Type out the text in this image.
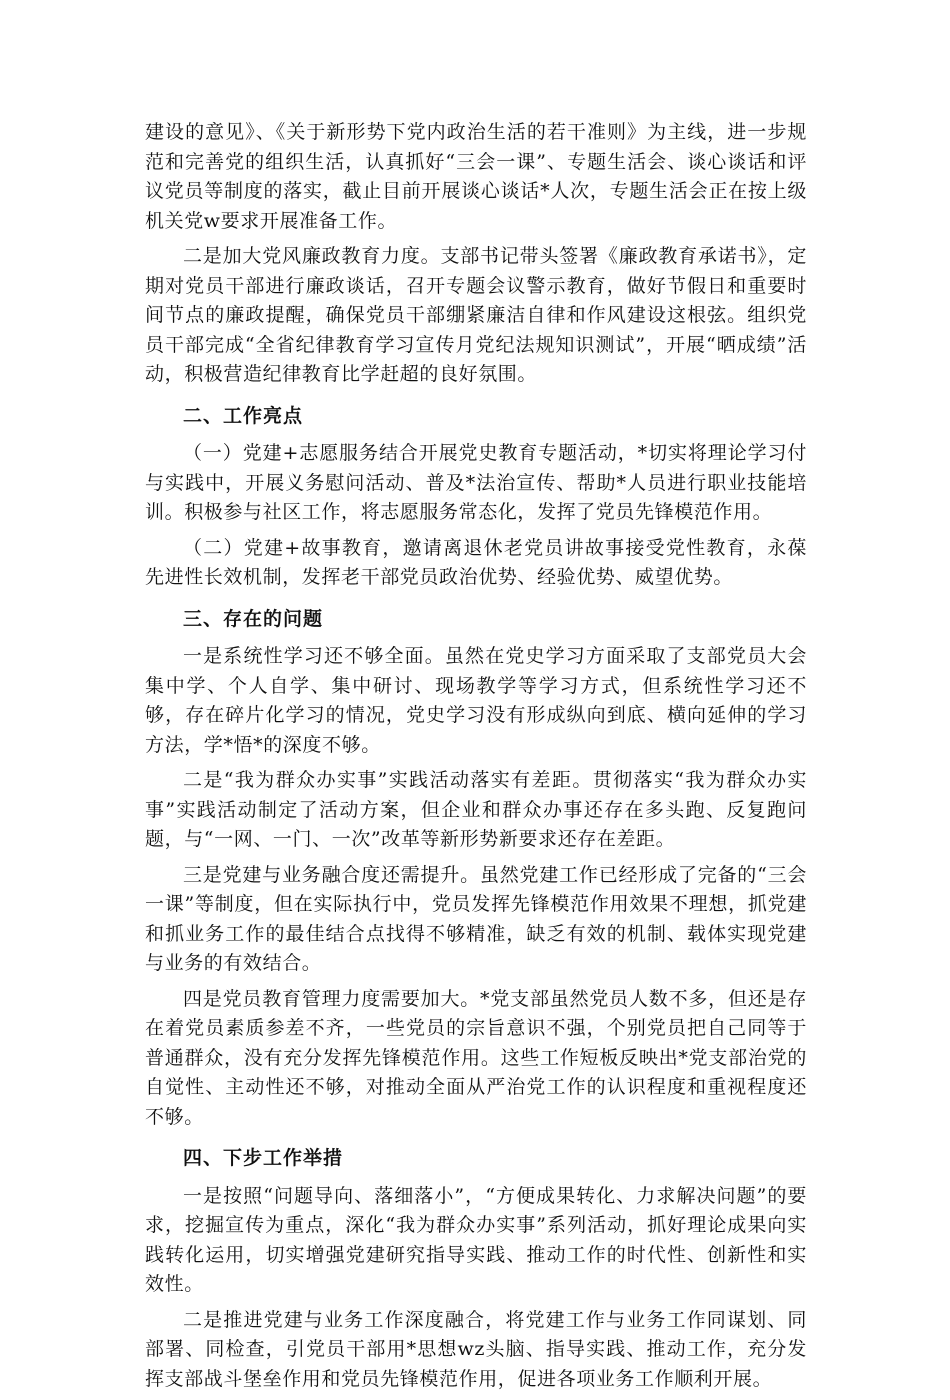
建设的意见》、《关于新形势下党内政治生活的若干准则》为主线，进一步规范和完善党的组织生活，认真抓好“三会一课”、专题生活会、谈心谈话和评议党员等制度的落实，截止目前开展谈心谈话*人次，专题生活会正在按上级机关党w要求开展准备工作。

二是加大党风廉政教育力度。支部书记带头签署《廉政教育承诺书》，定期对党员干部进行廉政谈话，召开专题会议警示教育，做好节假日和重要时间节点的廉政提醒，确保党员干部绷紧廉洁自律和作风建设这根弦。组织党员干部完成“全省纪律教育学习宣传月党纪法规知识测试”，开展“晒成绩”活动，积极营造纪律教育比学赶超的良好氛围。

二、工作亮点

（一）党建+志愿服务结合开展党史教育专题活动，*切实将理论学习付与实践中，开展义务慰问活动、普及*法治宣传、帮助*人员进行职业技能培训。积极参与社区工作，将志愿服务常态化，发挥了党员先锋模范作用。

（二）党建+故事教育，邀请离退休老党员讲故事接受党性教育，永葆先进性长效机制，发挥老干部党员政治优势、经验优势、威望优势。

三、存在的问题

一是系统性学习还不够全面。虽然在党史学习方面采取了支部党员大会集中学、个人自学、集中研讨、现场教学等学习方式，但系统性学习还不够，存在碎片化学习的情况，党史学习没有形成纵向到底、横向延伸的学习方法，学*悟*的深度不够。

二是“我为群众办实事”实践活动落实有差距。贯彻落实“我为群众办实事”实践活动制定了活动方案，但企业和群众办事还存在多头跑、反复跑问题，与“一网、一门、一次”改革等新形势新要求还存在差距。

三是党建与业务融合度还需提升。虽然党建工作已经形成了完备的“三会一课”等制度，但在实际执行中，党员发挥先锋模范作用效果不理想，抓党建和抓业务工作的最佳结合点找得不够精准，缺乏有效的机制、载体实现党建与业务的有效结合。

四是党员教育管理力度需要加大。*党支部虽然党员人数不多，但还是存在着党员素质参差不齐，一些党员的宗旨意识不强，个别党员把自己同等于普通群众，没有充分发挥先锋模范作用。这些工作短板反映出*党支部治党的自觉性、主动性还不够，对推动全面从严治党工作的认识程度和重视程度还不够。

四、下步工作举措

一是按照“问题导向、落细落小”，“方便成果转化、力求解决问题”的要求，挖掘宣传为重点，深化“我为群众办实事”系列活动，抓好理论成果向实践转化运用，切实增强党建研究指导实践、推动工作的时代性、创新性和实效性。

二是推进党建与业务工作深度融合，将党建工作与业务工作同谋划、同部署、同检查，引党员干部用*思想wz头脑、指导实践、推动工作，充分发挥支部战斗堡垒作用和党员先锋模范作用，促进各项业务工作顺利开展。
